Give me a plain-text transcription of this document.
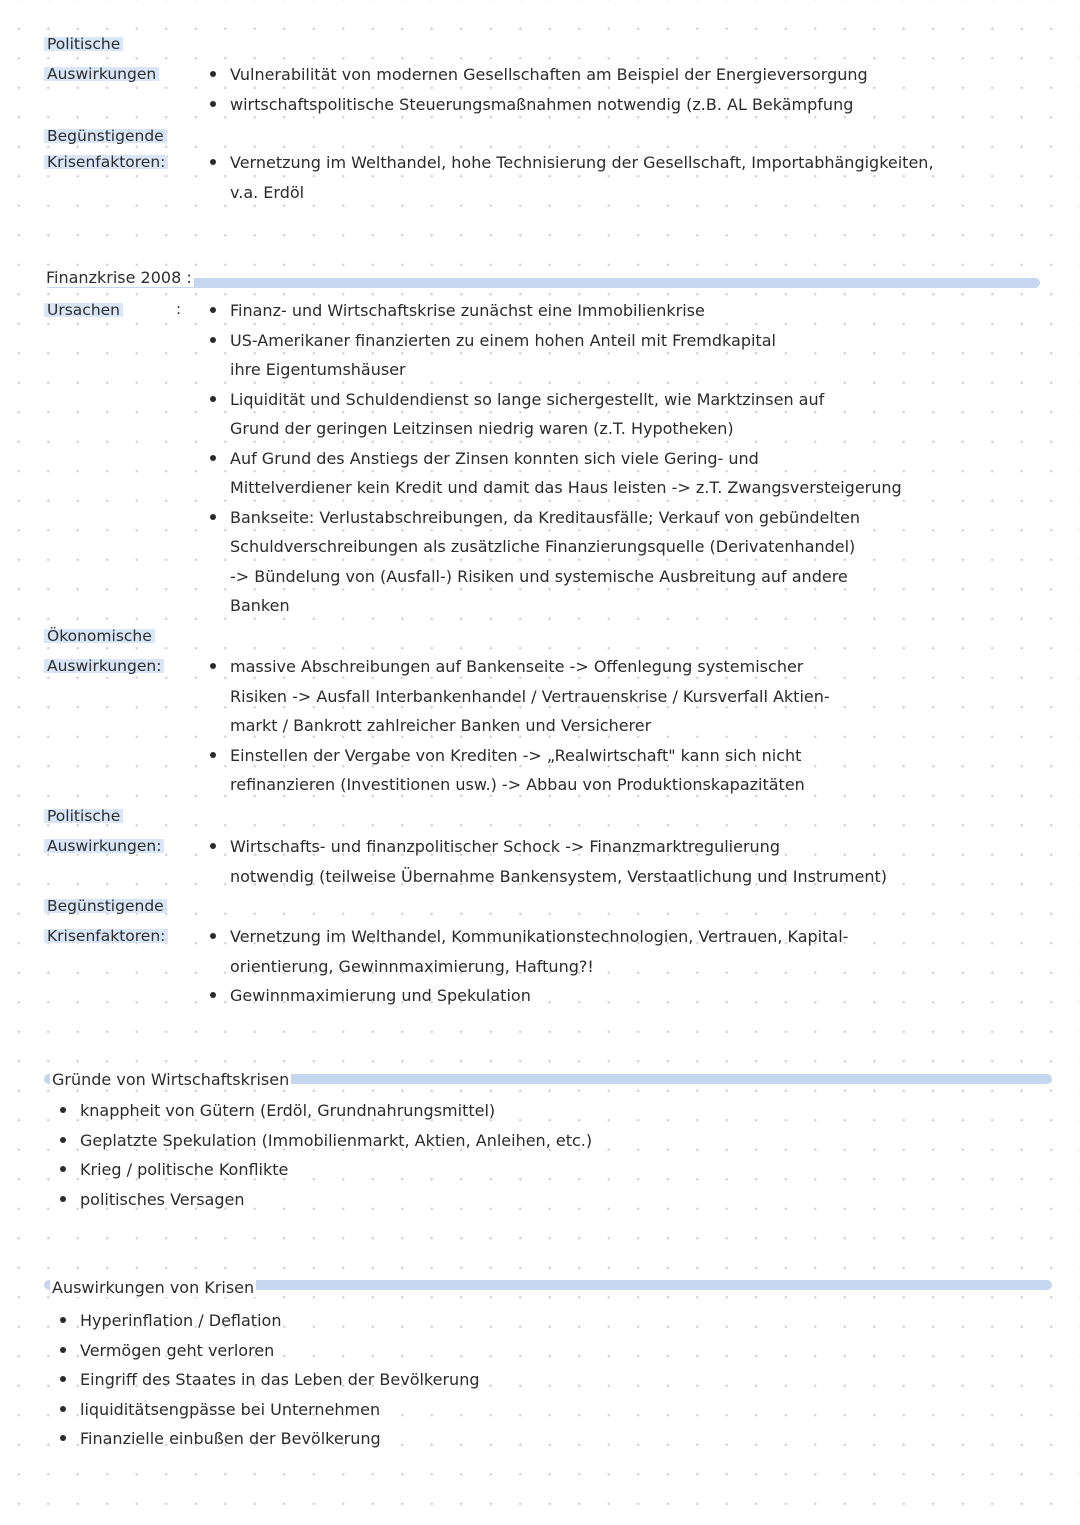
Politische
Auswirkungen	Vulnerabilität von modernen Gesellschaften am Beispiel der Energieversorgung
wirtschaftspolitische Steuerungsmaßnahmen notwendig (z.B. AL Bekämpfung
Begünstigende
Krisenfaktoren:	Vernetzung im Welthandel, hohe Technisierung der Gesellschaft, Importabhängigkeiten,
v.a. Erdöl
Finanzkrise 2008 :
Ursachen	:	Finanz- und Wirtschaftskrise zunächst eine Immobilienkrise
US-Amerikaner finanzierten zu einem hohen Anteil mit Fremdkapital
ihre Eigentumshäuser
Liquidität und Schuldendienst so lange sichergestellt, wie Marktzinsen auf
Grund der geringen Leitzinsen niedrig waren (z.T. Hypotheken)
Auf Grund des Anstiegs der Zinsen konnten sich viele Gering- und
Mittelverdiener kein Kredit und damit das Haus leisten -> z.T. Zwangsversteigerung
Bankseite: Verlustabschreibungen, da Kreditausfälle; Verkauf von gebündelten
Schuldverschreibungen als zusätzliche Finanzierungsquelle (Derivatenhandel)
-> Bündelung von (Ausfall-) Risiken und systemische Ausbreitung auf andere
Banken
Ökonomische
Auswirkungen:	massive Abschreibungen auf Bankenseite -> Offenlegung systemischer
Risiken -> Ausfall Interbankenhandel / Vertrauenskrise / Kursverfall Aktien-
markt / Bankrott zahlreicher Banken und Versicherer
Einstellen der Vergabe von Krediten -> „Realwirtschaft" kann sich nicht
refinanzieren (Investitionen usw.) -> Abbau von Produktionskapazitäten
Politische
Auswirkungen:	Wirtschafts- und finanzpolitischer Schock -> Finanzmarktregulierung
notwendig (teilweise Übernahme Bankensystem, Verstaatlichung und Instrument)
Begünstigende
Krisenfaktoren:	Vernetzung im Welthandel, Kommunikationstechnologien, Vertrauen, Kapital-
orientierung, Gewinnmaximierung, Haftung?!
Gewinnmaximierung und Spekulation
Gründe von Wirtschaftskrisen
knappheit von Gütern (Erdöl, Grundnahrungsmittel)
Geplatzte Spekulation (Immobilienmarkt, Aktien, Anleihen, etc.)
Krieg / politische Konflikte
politisches Versagen
Auswirkungen von Krisen
Hyperinflation / Deflation
Vermögen geht verloren
Eingriff des Staates in das Leben der Bevölkerung
liquiditätsengpässe bei Unternehmen
Finanzielle einbußen der Bevölkerung
